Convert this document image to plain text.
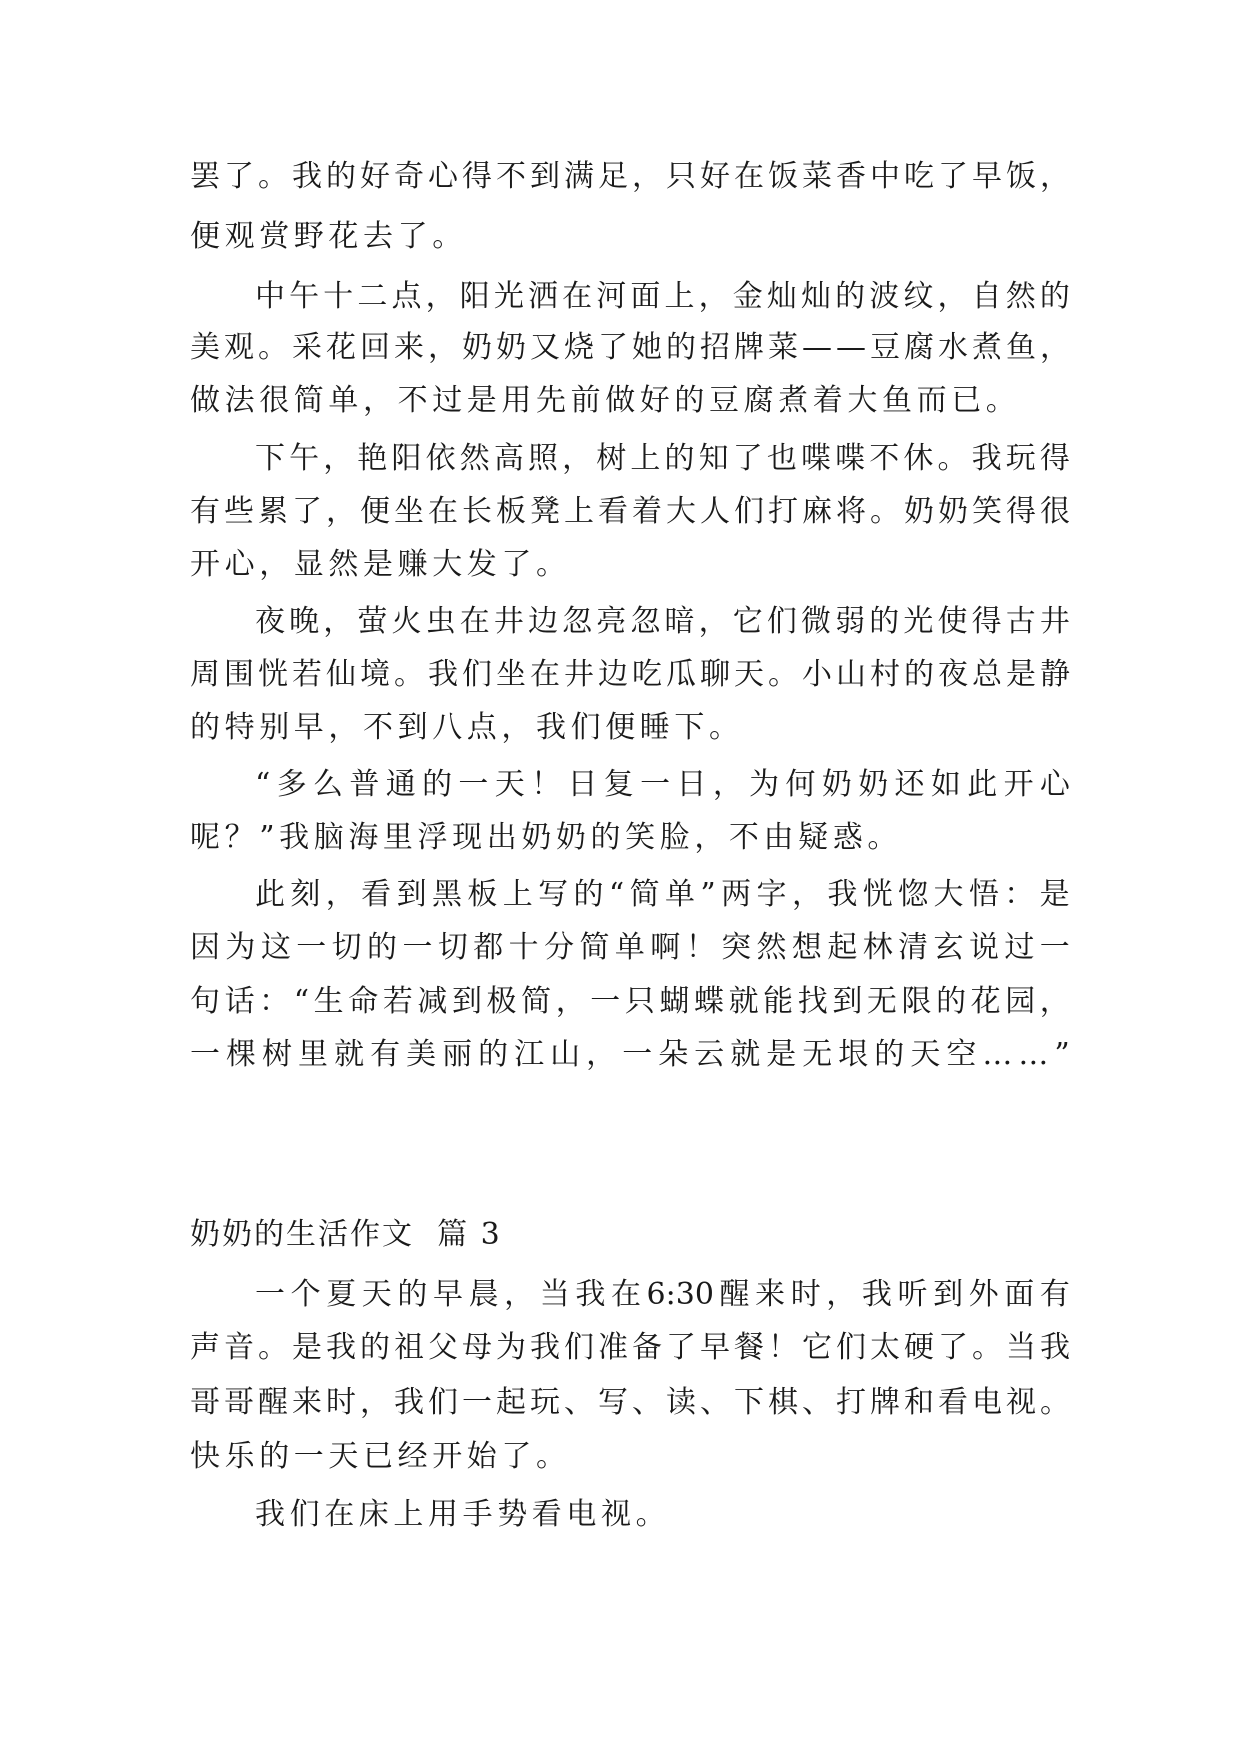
罢 了 。 我 的 好 奇 心 得 不 到 满 足 ， 只 好 在 饭 菜 香 中 吃 了 早 饭 ，
便观赏野花去了。
中 午 十 二 点 ， 阳 光 洒 在 河 面 上 ， 金 灿 灿 的 波 纹 ， 自 然 的
美 观 。 采 花 回 来 ， 奶 奶 又 烧 了 她 的 招 牌 菜 — — 豆 腐 水 煮 鱼 ，
做法很简单，不过是用先前做好的豆腐煮着大鱼而已。
下 午 ， 艳 阳 依 然 高 照 ， 树 上 的 知 了 也 喋 喋 不 休 。 我 玩 得
有 些 累 了 ， 便 坐 在 长 板 凳 上 看 着 大 人 们 打 麻 将 。 奶 奶 笑 得 很
开心，显然是赚大发了。
夜 晚 ， 萤 火 虫 在 井 边 忽 亮 忽 暗 ， 它 们 微 弱 的 光 使 得 古 井
周 围 恍 若 仙 境 。 我 们 坐 在 井 边 吃 瓜 聊 天 。 小 山 村 的 夜 总 是 静
的特别早，不到八点，我们便睡下。
“ 多 么 普 通 的 一 天 ！ 日 复 一 日 ， 为 何 奶 奶 还 如 此 开 心
呢？”我脑海里浮现出奶奶的笑脸，不由疑惑。
此 刻 ， 看 到 黑 板 上 写 的 “ 简 单 ” 两 字 ， 我 恍 惚 大 悟 ： 是
因 为 这 一 切 的 一 切 都 十 分 简 单 啊 ！ 突 然 想 起 林 清 玄 说 过 一
句 话 ： “ 生 命 若 减 到 极 简 ， 一 只 蝴 蝶 就 能 找 到 无 限 的 花 园 ，
一 棵 树 里 就 有 美 丽 的 江 山 ， 一 朵 云 就 是 无 垠 的 天 空 … … ”
奶奶的生活作文  篇 3
一 个 夏 天 的 早 晨 ， 当 我 在 6:30 醒 来 时 ， 我 听 到 外 面 有
声 音 。 是 我 的 祖 父 母 为 我 们 准 备 了 早 餐 ！ 它 们 太 硬 了 。 当 我
哥 哥 醒 来 时 ， 我 们 一 起 玩 、 写 、 读 、 下 棋 、 打 牌 和 看 电 视 。
快乐的一天已经开始了。
我们在床上用手势看电视。
